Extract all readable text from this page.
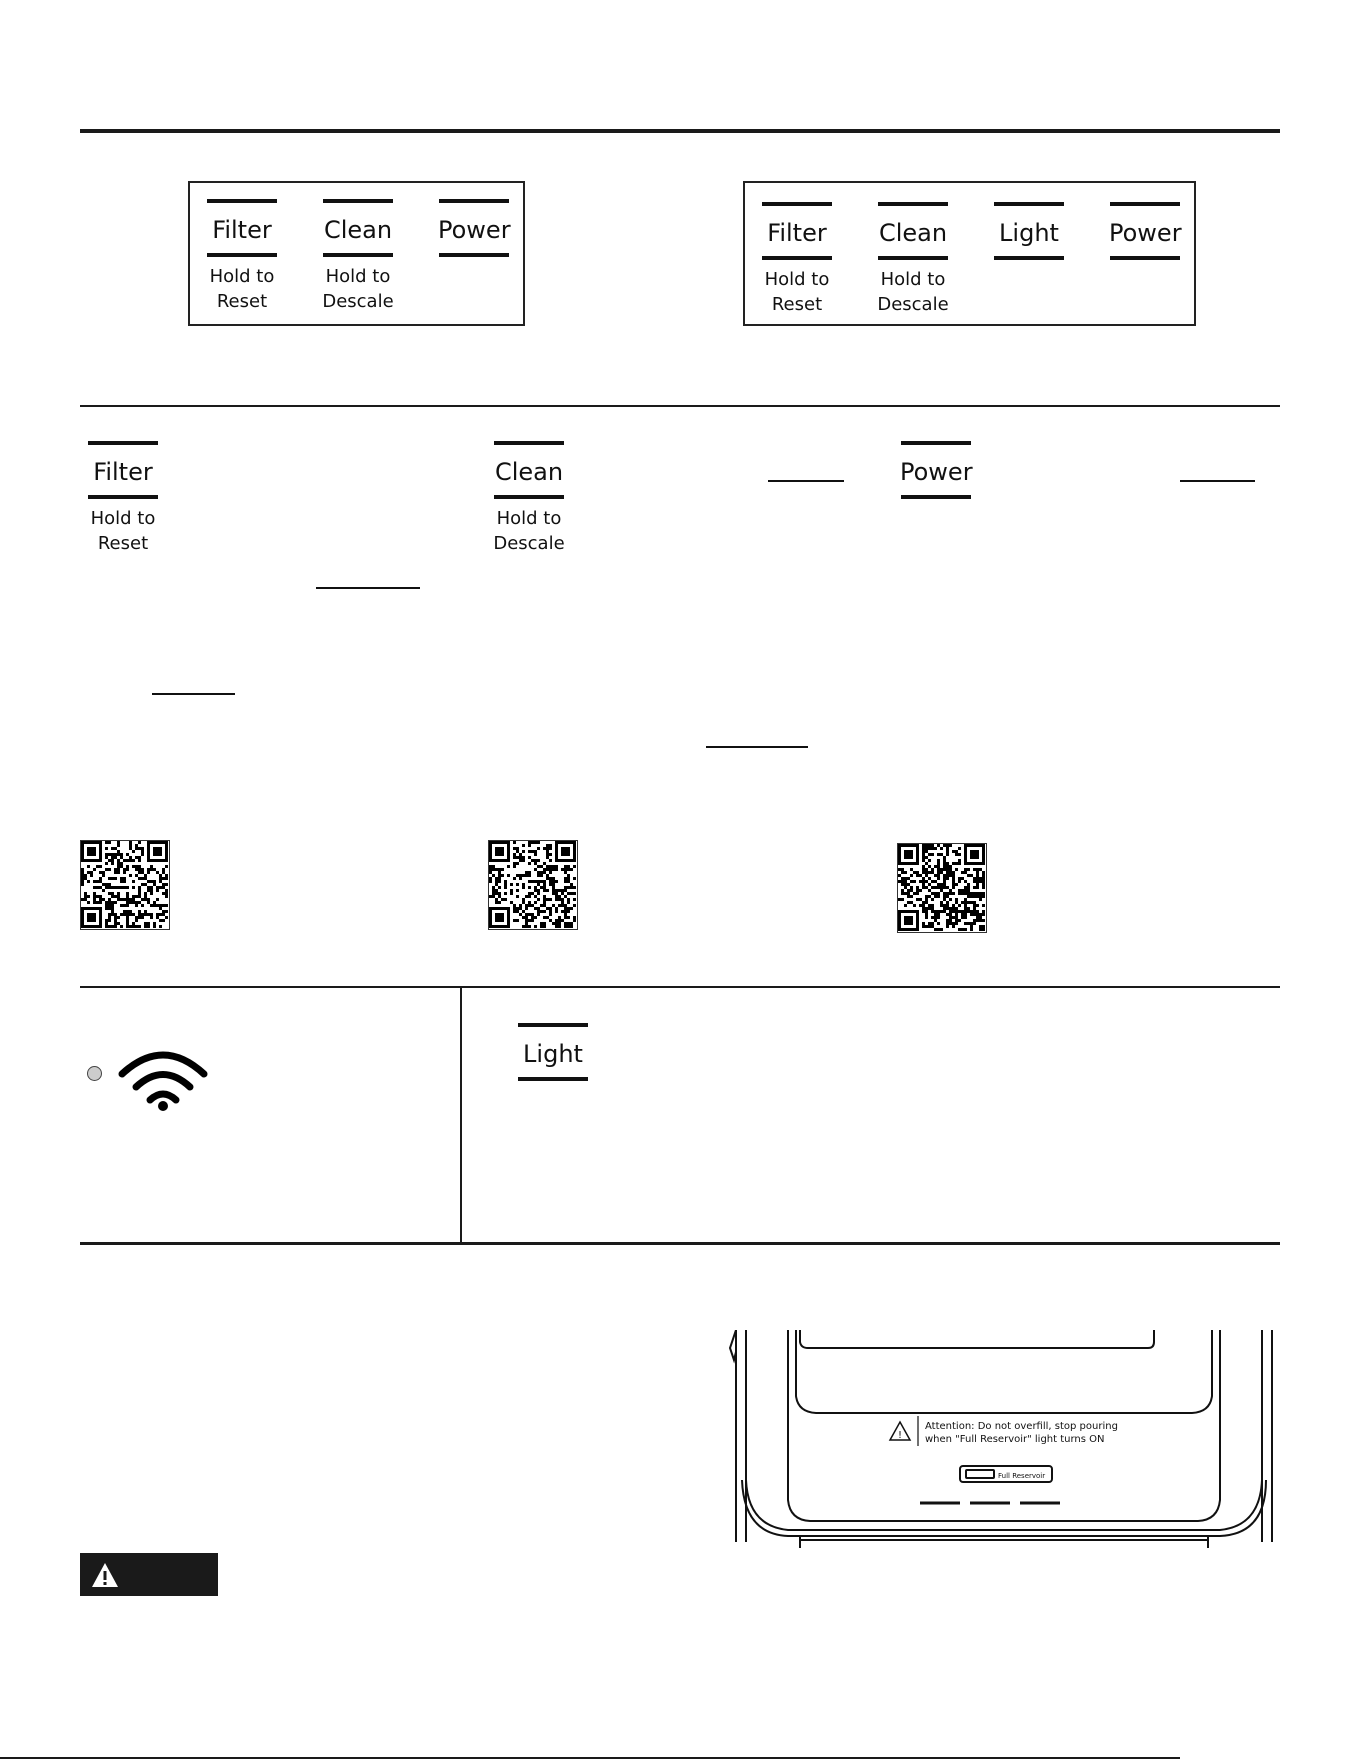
Filter
Hold to
Reset
Clean
Hold to
Descale
Power	Filter
Hold to
Reset
Clean
Hold to
Descale
Light Power
Filter
Hold to
Reset
Clean
Hold to
Descale
Power
Light
!
Attention: Do not overfill, stop pouring
when "Full Reservoir" light turns ON
Full Reservoir
